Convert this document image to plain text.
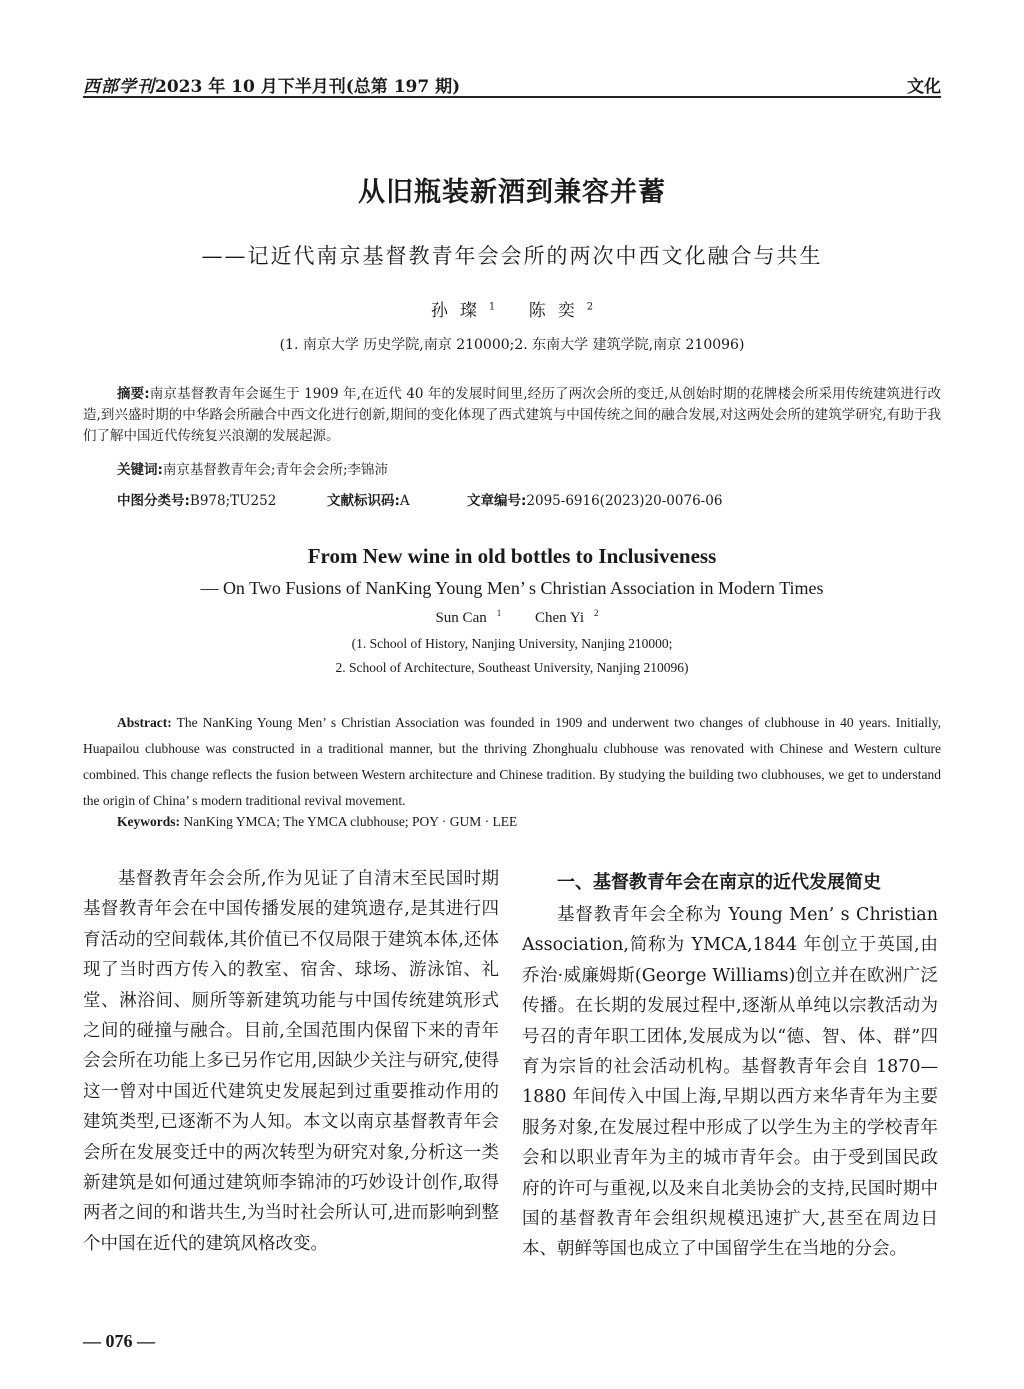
西部学刊2023 年 10 月下半月刊(总第 197 期)	文化
从旧瓶装新酒到兼容并蓄
——记近代南京基督教青年会会所的两次中西文化融合与共生
孙璨$^1$ 陈奕$^2$
(1. 南京大学 历史学院,南京 210000;2. 东南大学 建筑学院,南京 210096)
摘要:南京基督教青年会诞生于 1909 年,在近代 40 年的发展时间里,经历了两次会所的变迁,从创始时期的花牌楼会所采用传统建筑进行改造,到兴盛时期的中华路会所融合中西文化进行创新,期间的变化体现了西式建筑与中国传统之间的融合发展,对这两处会所的建筑学研究,有助于我们了解中国近代传统复兴浪潮的发展起源。
关键词:南京基督教青年会;青年会会所;李锦沛
中图分类号:B978;TU252	文献标识码:A	文章编号:2095-6916(2023)20-0076-06
From New wine in old bottles to Inclusiveness
— On Two Fusions of NanKing Young Men’ s Christian Association in Modern Times
Sun Can $^1$ Chen Yi $^2$
(1. School of History, Nanjing University, Nanjing 210000;
2. School of Architecture, Southeast University, Nanjing 210096)
Abstract: The NanKing Young Men’ s Christian Association was founded in 1909 and underwent two changes of clubhouse in 40 years. Initially, Huapailou clubhouse was constructed in a traditional manner, but the thriving Zhonghualu clubhouse was renovated with Chinese and Western culture combined. This change reflects the fusion between Western architecture and Chinese tradition. By studying the building two clubhouses, we get to understand the origin of China’ s modern traditional revival movement.
Keywords: NanKing YMCA; The YMCA clubhouse; POY · GUM · LEE

基督教青年会会所,作为见证了自清末至民国时期基督教青年会在中国传播发展的建筑遗存,是其进行四育活动的空间载体,其价值已不仅局限于建筑本体,还体现了当时西方传入的教室、宿舍、球场、游泳馆、礼堂、淋浴间、厕所等新建筑功能与中国传统建筑形式之间的碰撞与融合。目前,全国范围内保留下来的青年会会所在功能上多已另作它用,因缺少关注与研究,使得这一曾对中国近代建筑史发展起到过重要推动作用的建筑类型,已逐渐不为人知。本文以南京基督教青年会会所在发展变迁中的两次转型为研究对象,分析这一类新建筑是如何通过建筑师李锦沛的巧妙设计创作,取得两者之间的和谐共生,为当时社会所认可,进而影响到整个中国在近代的建筑风格改变。

一、基督教青年会在南京的近代发展简史

基督教青年会全称为 Young Men’ s Christian Association,简称为 YMCA,1844 年创立于英国,由乔治·威廉姆斯(George Williams)创立并在欧洲广泛传播。在长期的发展过程中,逐渐从单纯以宗教活动为号召的青年职工团体,发展成为以“德、智、体、群”四育为宗旨的社会活动机构。基督教青年会自 1870—1880 年间传入中国上海,早期以西方来华青年为主要服务对象,在发展过程中形成了以学生为主的学校青年会和以职业青年为主的城市青年会。由于受到国民政府的许可与重视,以及来自北美协会的支持,民国时期中国的基督教青年会组织规模迅速扩大,甚至在周边日本、朝鲜等国也成立了中国留学生在当地的分会。

— 076 —
